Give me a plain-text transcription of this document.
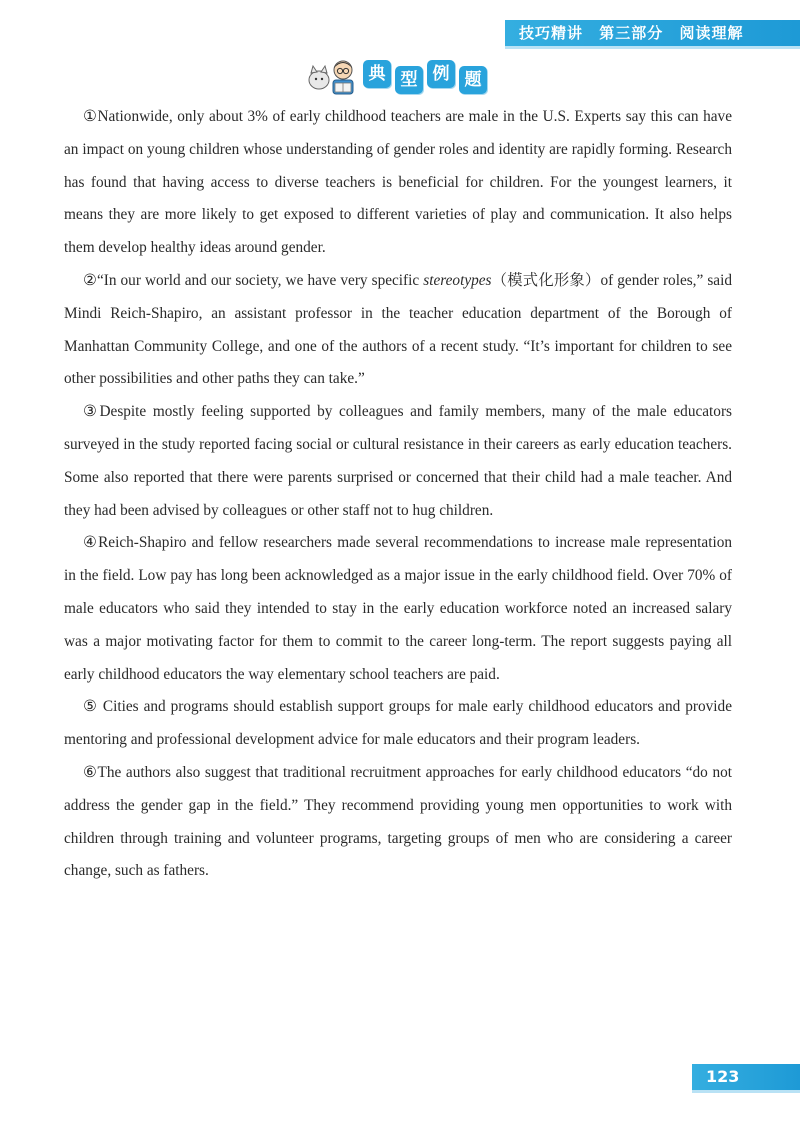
技巧精讲 第三部分 阅读理解
典 型 例 题

①Nationwide, only about 3% of early childhood teachers are male in the U.S. Experts say this can have an impact on young children whose understanding of gender roles and identity are rapidly forming. Research has found that having access to diverse teachers is beneficial for children. For the youngest learners, it means they are more likely to get exposed to different varieties of play and communication. It also helps them develop healthy ideas around gender.

②“In our world and our society, we have very specific stereotypes（模式化形象）of gender roles,” said Mindi Reich-Shapiro, an assistant professor in the teacher education department of the Borough of Manhattan Community College, and one of the authors of a recent study. “It’s important for children to see other possibilities and other paths they can take.”

③Despite mostly feeling supported by colleagues and family members, many of the male educators surveyed in the study reported facing social or cultural resistance in their careers as early education teachers. Some also reported that there were parents surprised or concerned that their child had a male teacher. And they had been advised by colleagues or other staff not to hug children.

④Reich-Shapiro and fellow researchers made several recommendations to increase male representation in the field. Low pay has long been acknowledged as a major issue in the early childhood field. Over 70% of male educators who said they intended to stay in the early education workforce noted an increased salary was a major motivating factor for them to commit to the career long-term. The report suggests paying all early childhood educators the way elementary school teachers are paid.

⑤ Cities and programs should establish support groups for male early childhood educators and provide mentoring and professional development advice for male educators and their program leaders.

⑥The authors also suggest that traditional recruitment approaches for early childhood educators “do not address the gender gap in the field.” They recommend providing young men opportunities to work with children through training and volunteer programs, targeting groups of men who are considering a career change, such as fathers.

123
